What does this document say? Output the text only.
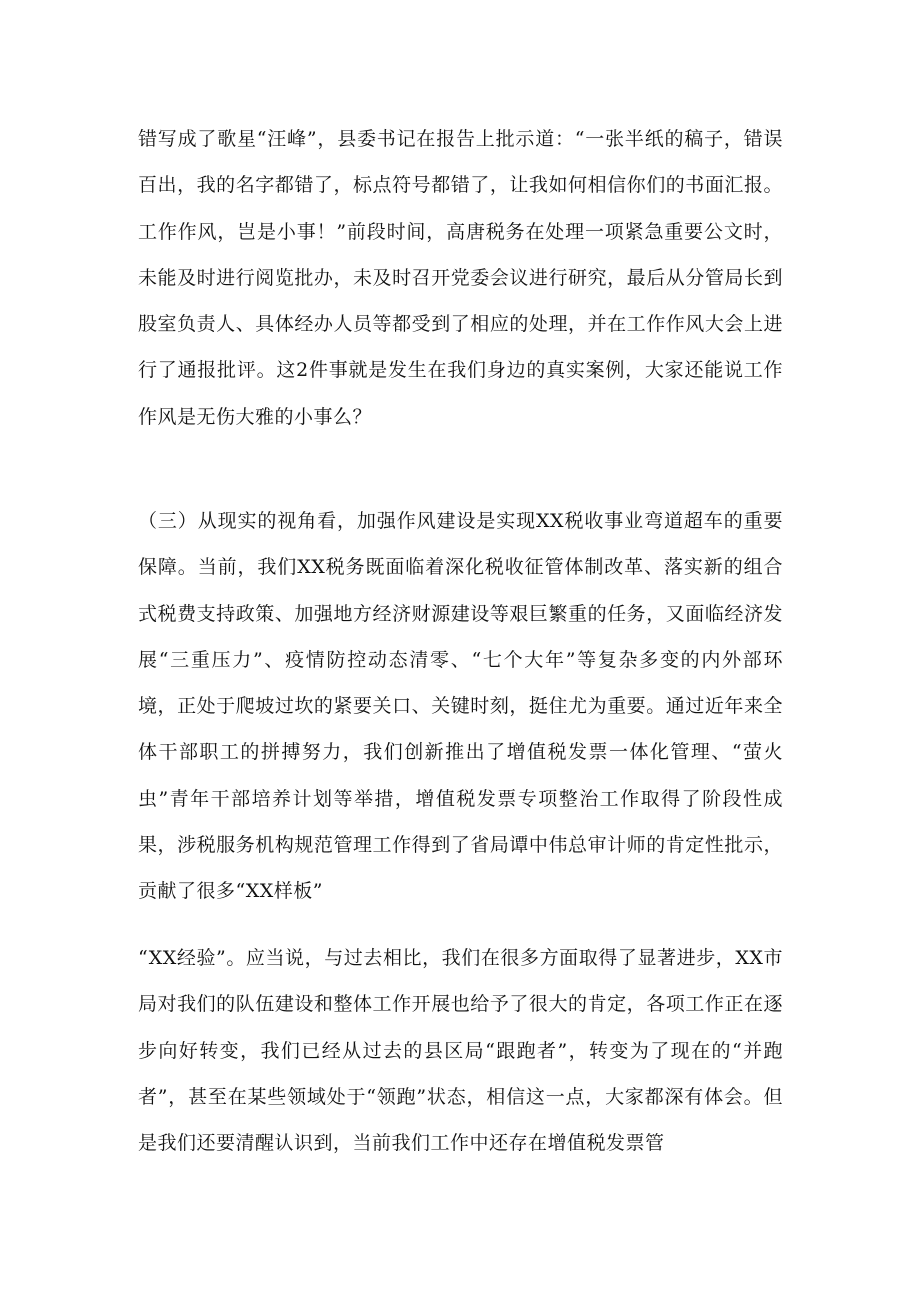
错写成了歌星“汪峰”，县委书记在报告上批示道：“一张半纸的稿子，错误百出，我的名字都错了，标点符号都错了，让我如何相信你们的书面汇报。工作作风，岂是小事！”前段时间，高唐税务在处理一项紧急重要公文时，未能及时进行阅览批办，未及时召开党委会议进行研究，最后从分管局长到股室负责人、具体经办人员等都受到了相应的处理，并在工作作风大会上进行了通报批评。这2件事就是发生在我们身边的真实案例，大家还能说工作作风是无伤大雅的小事么？

（三）从现实的视角看，加强作风建设是实现XX税收事业弯道超车的重要保障。当前，我们XX税务既面临着深化税收征管体制改革、落实新的组合式税费支持政策、加强地方经济财源建设等艰巨繁重的任务，又面临经济发展“三重压力”、疫情防控动态清零、“七个大年”等复杂多变的内外部环境，正处于爬坡过坎的紧要关口、关键时刻，挺住尤为重要。通过近年来全体干部职工的拼搏努力，我们创新推出了增值税发票一体化管理、“萤火虫”青年干部培养计划等举措，增值税发票专项整治工作取得了阶段性成果，涉税服务机构规范管理工作得到了省局谭中伟总审计师的肯定性批示，贡献了很多“XX样板”

“XX经验”。应当说，与过去相比，我们在很多方面取得了显著进步，XX市局对我们的队伍建设和整体工作开展也给予了很大的肯定，各项工作正在逐步向好转变，我们已经从过去的县区局“跟跑者”，转变为了现在的“并跑者”，甚至在某些领域处于“领跑”状态，相信这一点，大家都深有体会。但是我们还要清醒认识到，当前我们工作中还存在增值税发票管
